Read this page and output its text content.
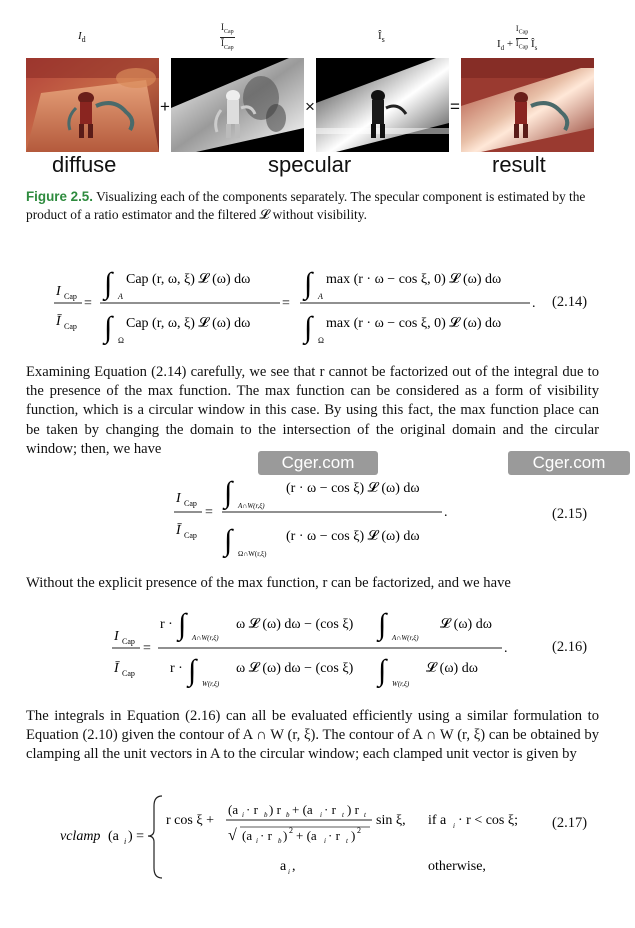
$I_d$
$I_{Cap}$
$Ī_{Cap}$
$Î_s$	$I_d$ +
$I_{Cap}$
$Ī_{Cap}$ $Î_s$
+	×	=
diffuse	specular	result
Figure 2.5. Visualizing each of the components separately. The specular component is estimated by the product of a ratio estimator and the filtered 𝓛 without visibility.
I Cap
Ī Cap
=
∫ A
Cap (r, ω, ξ) 𝓛 (ω) dω
∫ Ω
Cap (r, ω, ξ) 𝓛 (ω) dω
=
∫ A
max (r · ω − cos ξ, 0) 𝓛 (ω) dω
∫ Ω
max (r · ω − cos ξ, 0) 𝓛 (ω) dω
. (2.14)
Examining Equation (2.14) carefully, we see that r cannot be factorized out of the integral due to the presence of the max function. The max function can be considered as a form of visibility function, which is a circular window in this case. By using this fact, the max function place can be taken by changing the domain to the intersection of the original domain and the circular window; then, we have
Cger.com	Cger.com
I Cap
Ī Cap
=
∫ A∩W(r,ξ)
(r · ω − cos ξ) 𝓛 (ω) dω
∫ Ω∩W(r,ξ)
(r · ω − cos ξ) 𝓛 (ω) dω
.	(2.15)
Without the explicit presence of the max function, r can be factorized, and we have
I Cap
Ī Cap
=
r · ∫ A∩W(r,ξ)
ω 𝓛 (ω) dω − (cos ξ) ∫ A∩W(r,ξ)
𝓛 (ω) dω
r · ∫ W(r,ξ)
ω 𝓛 (ω) dω − (cos ξ) ∫ W(r,ξ)
𝓛 (ω) dω
.	(2.16)
The integrals in Equation (2.16) can all be evaluated efficiently using a similar formulation to Equation (2.10) given the contour of A ∩ W (r, ξ). The contour of A ∩ W (r, ξ) can be obtained by clamping all the unit vectors in A to the circular window; each clamped unit vector is given by
vclamp (a i ) =
r cos ξ +
(a i · r b ) r b + (a i · r t ) r t
√ (a i · r b ) 2 + (a i · r t ) 2
sin ξ, if a i · r < cos ξ;
a i ,	otherwise,
(2.17)
